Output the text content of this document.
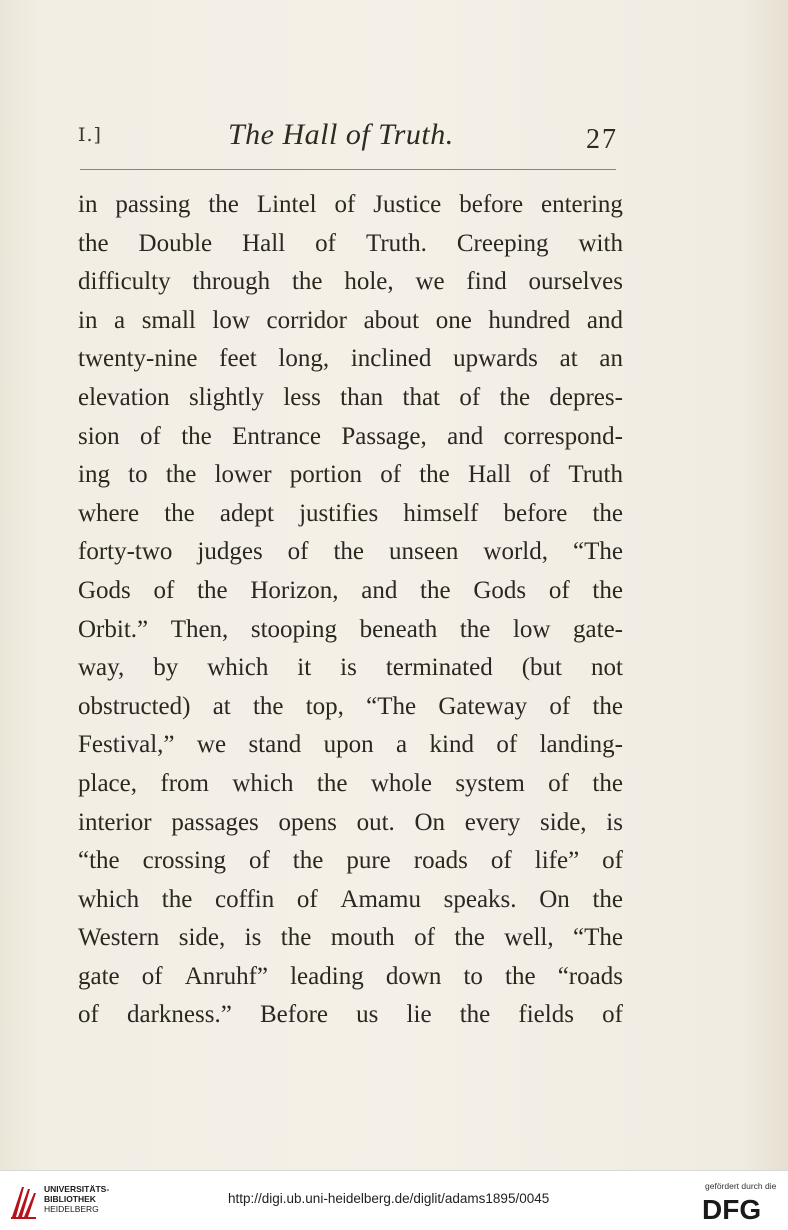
I.]	The Hall of Truth.	27
in passing the Lintel of Justice before entering
the Double Hall of Truth. Creeping with
difficulty through the hole, we find ourselves
in a small low corridor about one hundred and
twenty-nine feet long, inclined upwards at an
elevation slightly less than that of the depres-
sion of the Entrance Passage, and correspond-
ing to the lower portion of the Hall of Truth
where the adept justifies himself before the
forty-two judges of the unseen world, “The
Gods of the Horizon, and the Gods of the
Orbit.” Then, stooping beneath the low gate-
way, by which it is terminated (but not
obstructed) at the top, “The Gateway of the
Festival,” we stand upon a kind of landing-
place, from which the whole system of the
interior passages opens out. On every side, is
“the crossing of the pure roads of life” of
which the coffin of Amamu speaks. On the
Western side, is the mouth of the well, “The
gate of Anruhf” leading down to the “roads
of darkness.” Before us lie the fields of
UNIVERSITÄTS-
BIBLIOTHEK
HEIDELBERG
http://digi.ub.uni-heidelberg.de/diglit/adams1895/0045
gefördert durch die
DFG
